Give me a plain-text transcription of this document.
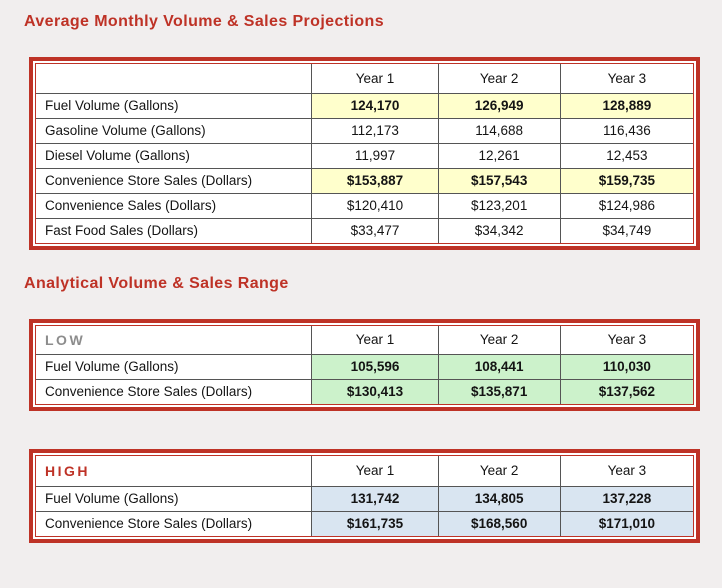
Average Monthly Volume & Sales Projections
	Year 1	Year 2	Year 3
Fuel Volume (Gallons)	124,170	126,949	128,889
Gasoline Volume (Gallons)	112,173	114,688	116,436
Diesel Volume (Gallons)	11,997	12,261	12,453
Convenience Store Sales (Dollars)	$153,887	$157,543	$159,735
Convenience Sales (Dollars)	$120,410	$123,201	$124,986
Fast Food Sales (Dollars)	$33,477	$34,342	$34,749
Analytical Volume & Sales Range
LOW	Year 1	Year 2	Year 3
Fuel Volume (Gallons)	105,596	108,441	110,030
Convenience Store Sales (Dollars)	$130,413	$135,871	$137,562
HIGH	Year 1	Year 2	Year 3
Fuel Volume (Gallons)	131,742	134,805	137,228
Convenience Store Sales (Dollars)	$161,735	$168,560	$171,010
